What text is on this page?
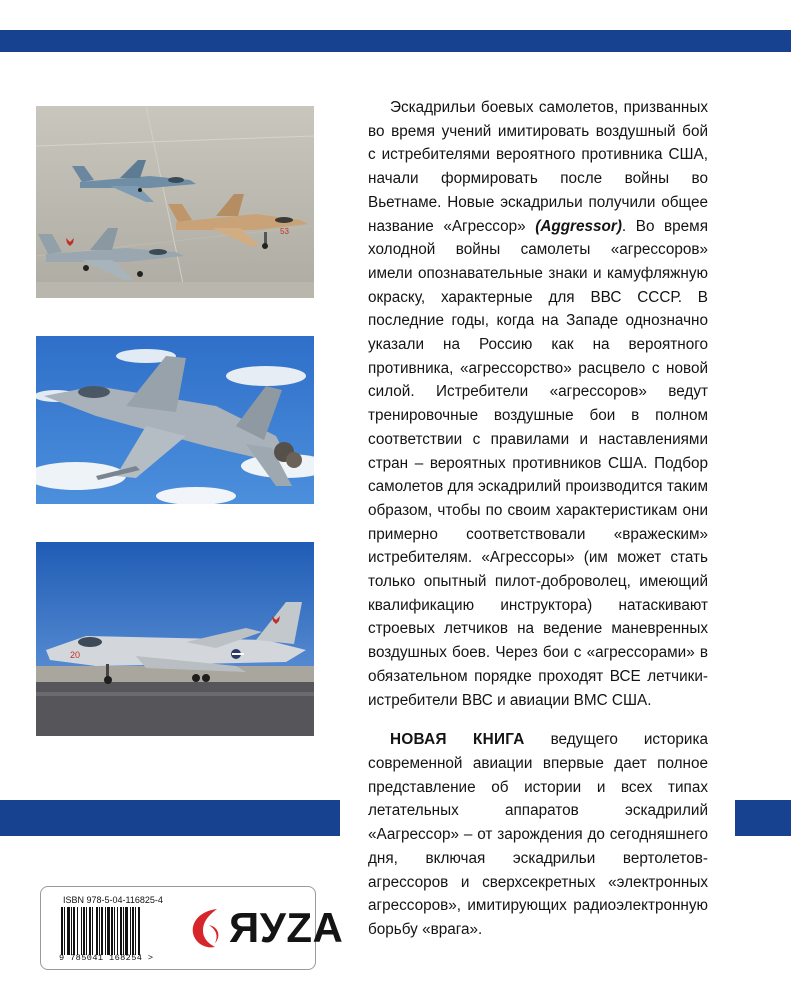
53
20

Эскадрильи боевых самолетов, призванных во время учений имитировать воздушный бой с истребителями вероятного противника США, начали формировать после войны во Вьетнаме. Новые эскадрильи получили общее название «Агрессор» (Aggressor). Во время холодной войны самолеты «агрессоров» имели опознавательные знаки и камуфляжную окраску, характерные для ВВС СССР. В последние годы, когда на Западе однозначно указали на Россию как на вероятного противника, «агрессорство» расцвело с новой силой. Истребители «агрессоров» ведут тренировочные воздушные бои в полном соответствии с правилами и наставлениями стран – вероятных противников США. Подбор самолетов для эскадрилий производится таким образом, чтобы по своим характеристикам они примерно соответствовали «вражеским» истребителям. «Агрессоры» (им может стать только опытный пилот-доброволец, имеющий квалификацию инструктора) натаскивают строевых летчиков на ведение маневренных воздушных боев. Через бои с «агрессорами» в обязательном порядке проходят ВСЕ летчики-истребители ВВС и авиации ВМС США.

НОВАЯ КНИГА ведущего историка современной авиации впервые дает полное представление об истории и всех типах летательных аппаратов эскадрилий «Аагрессор» – от зарождения до сегодняшнего дня, включая эскадрильи вертолетов-агрессоров и сверхсекретных «электронных агрессоров», имитирующих радиоэлектронную борьбу «врага».

ISBN 978-5-04-116825-4
9 785041 168254 >
ЯУZА
